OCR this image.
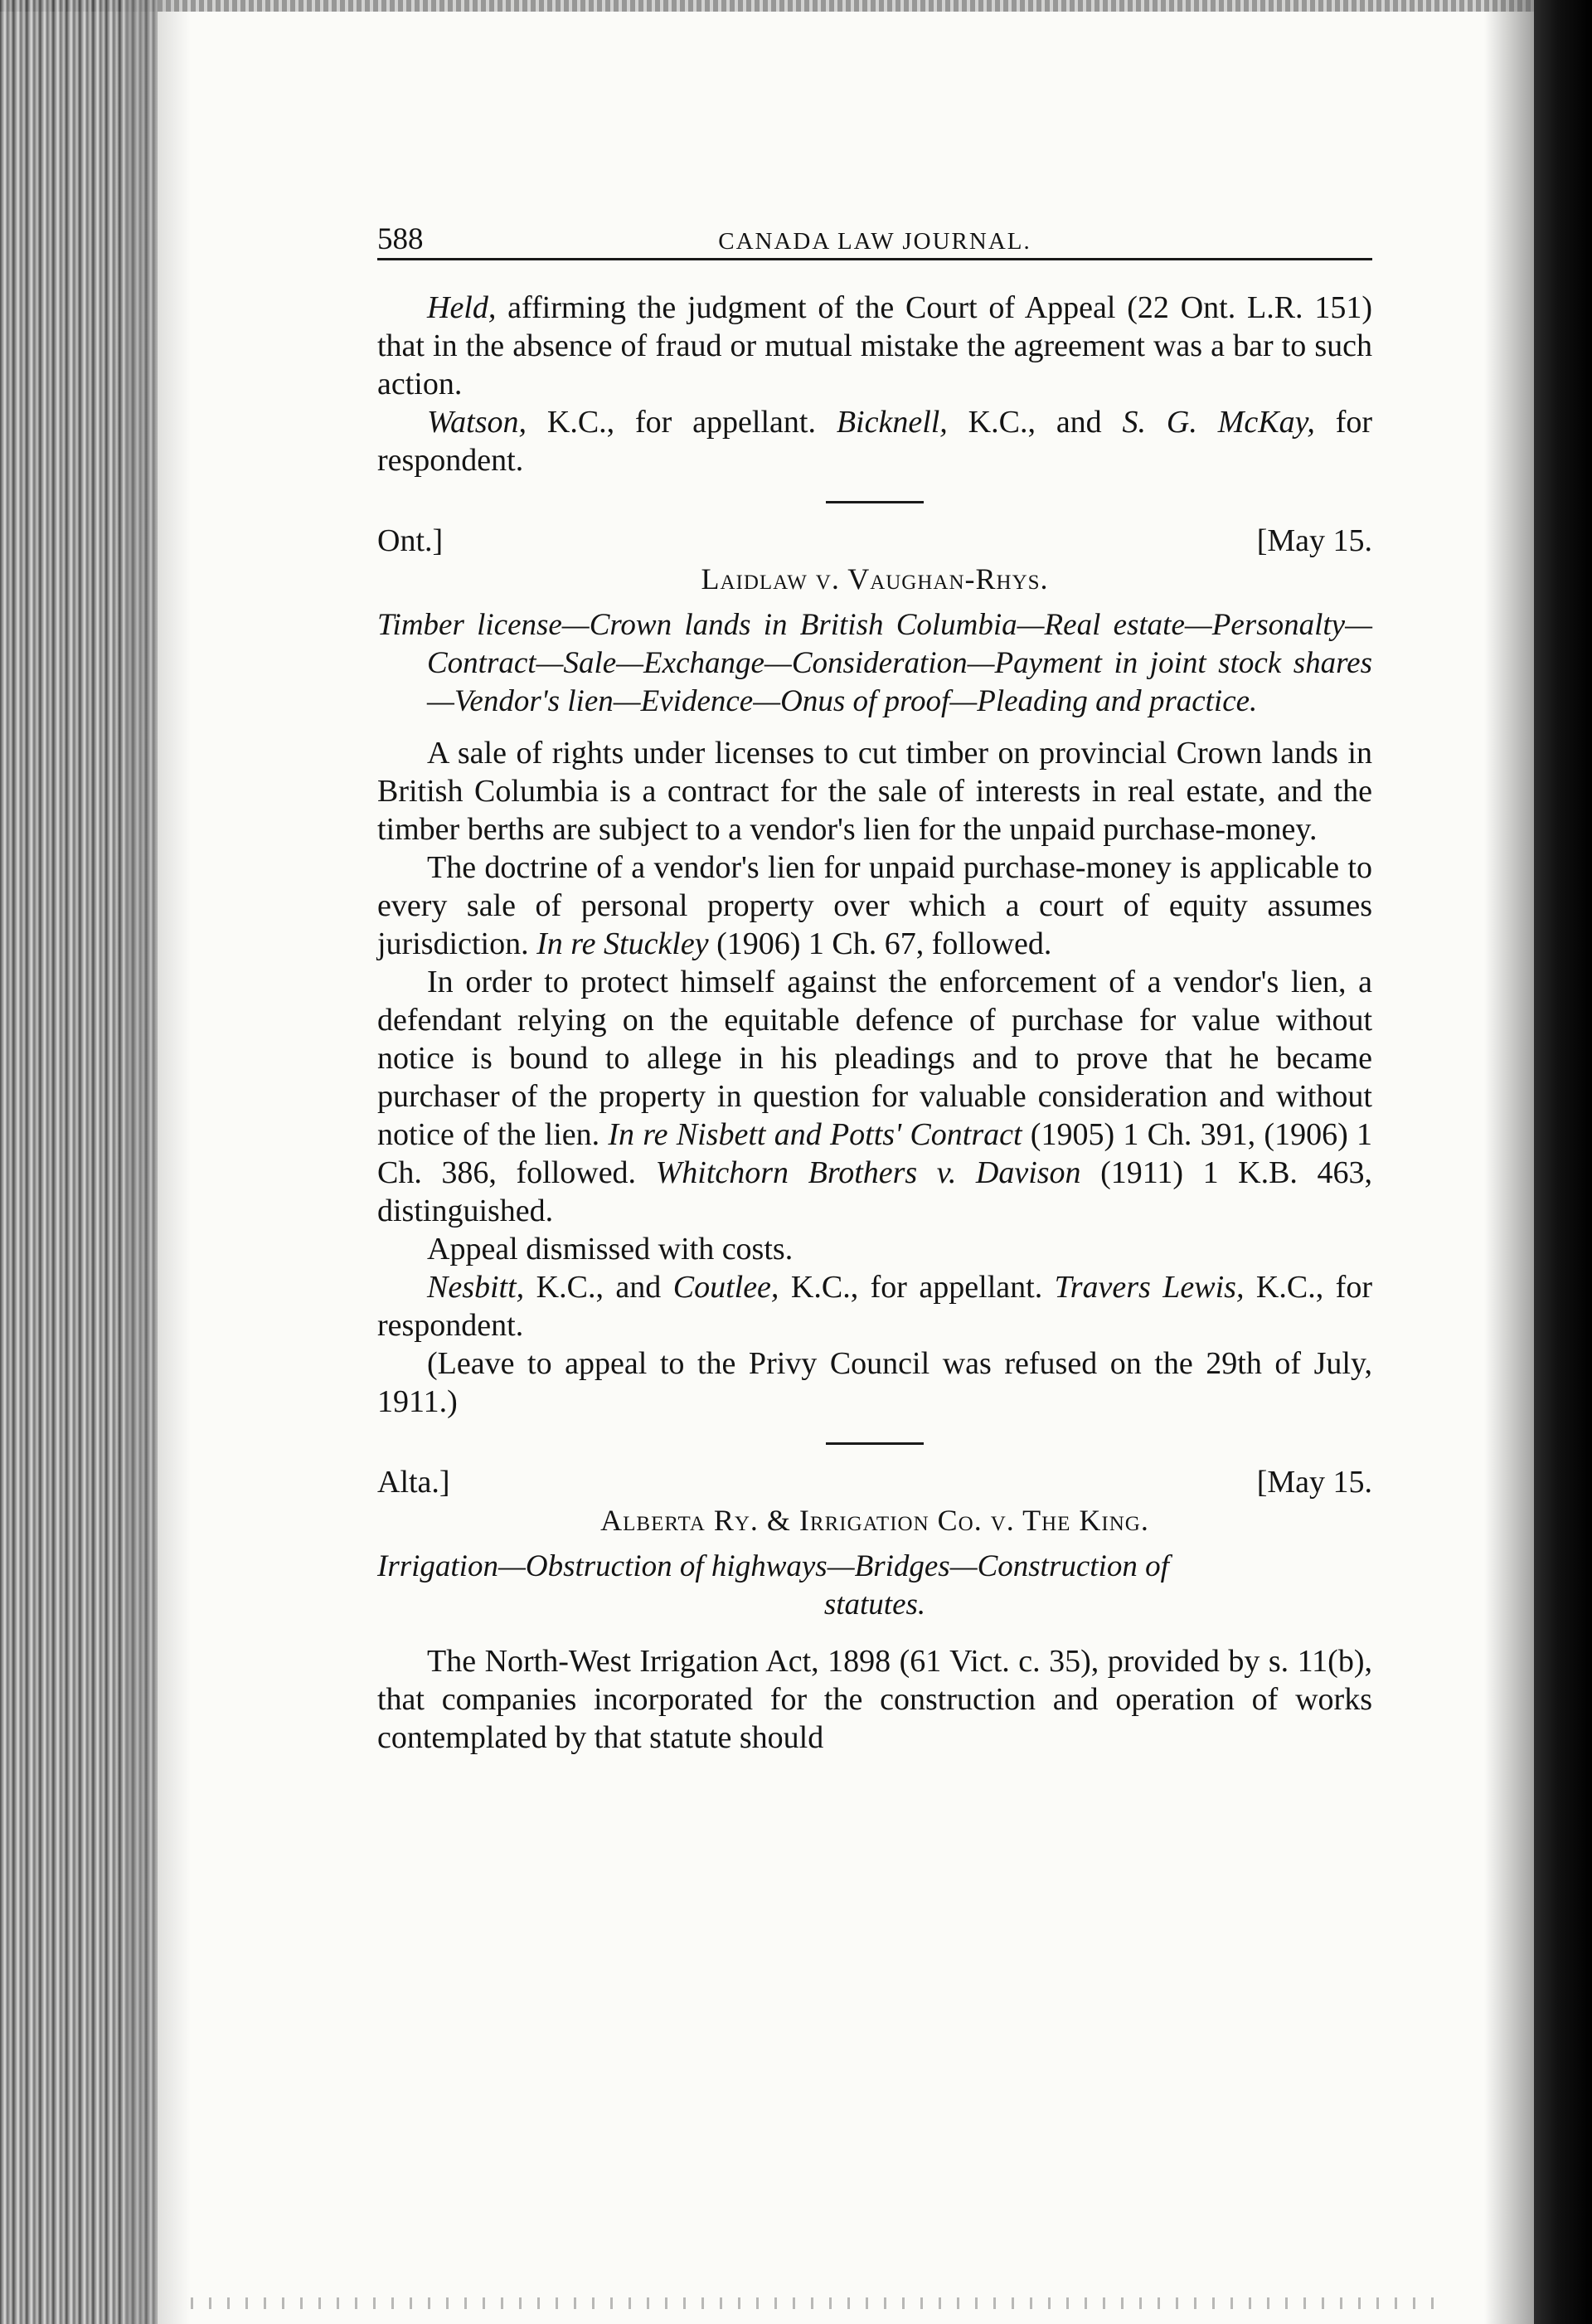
588	CANADA LAW JOURNAL.

Held, affirming the judgment of the Court of Appeal (22 Ont. L.R. 151) that in the absence of fraud or mutual mistake the agreement was a bar to such action.

Watson, K.C., for appellant. Bicknell, K.C., and S. G. McKay, for respondent.

Ont.]	[May 15.
Laidlaw v. Vaughan-Rhys.

Timber license—Crown lands in British Columbia—Real estate—Personalty—Contract—Sale—Exchange—Consideration—Payment in joint stock shares—Vendor's lien—Evidence—Onus of proof—Pleading and practice.

A sale of rights under licenses to cut timber on provincial Crown lands in British Columbia is a contract for the sale of interests in real estate, and the timber berths are subject to a vendor's lien for the unpaid purchase-money.

The doctrine of a vendor's lien for unpaid purchase-money is applicable to every sale of personal property over which a court of equity assumes jurisdiction. In re Stuckley (1906) 1 Ch. 67, followed.

In order to protect himself against the enforcement of a vendor's lien, a defendant relying on the equitable defence of purchase for value without notice is bound to allege in his pleadings and to prove that he became purchaser of the property in question for valuable consideration and without notice of the lien. In re Nisbett and Potts' Contract (1905) 1 Ch. 391, (1906) 1 Ch. 386, followed. Whitchorn Brothers v. Davison (1911) 1 K.B. 463, distinguished.

Appeal dismissed with costs.

Nesbitt, K.C., and Coutlee, K.C., for appellant. Travers Lewis, K.C., for respondent.

(Leave to appeal to the Privy Council was refused on the 29th of July, 1911.)

Alta.]	[May 15.
Alberta Ry. & Irrigation Co. v. The King.

Irrigation—Obstruction of highways—Bridges—Construction of
statutes.

The North-West Irrigation Act, 1898 (61 Vict. c. 35), provided by s. 11(b), that companies incorporated for the construction and operation of works contemplated by that statute should
